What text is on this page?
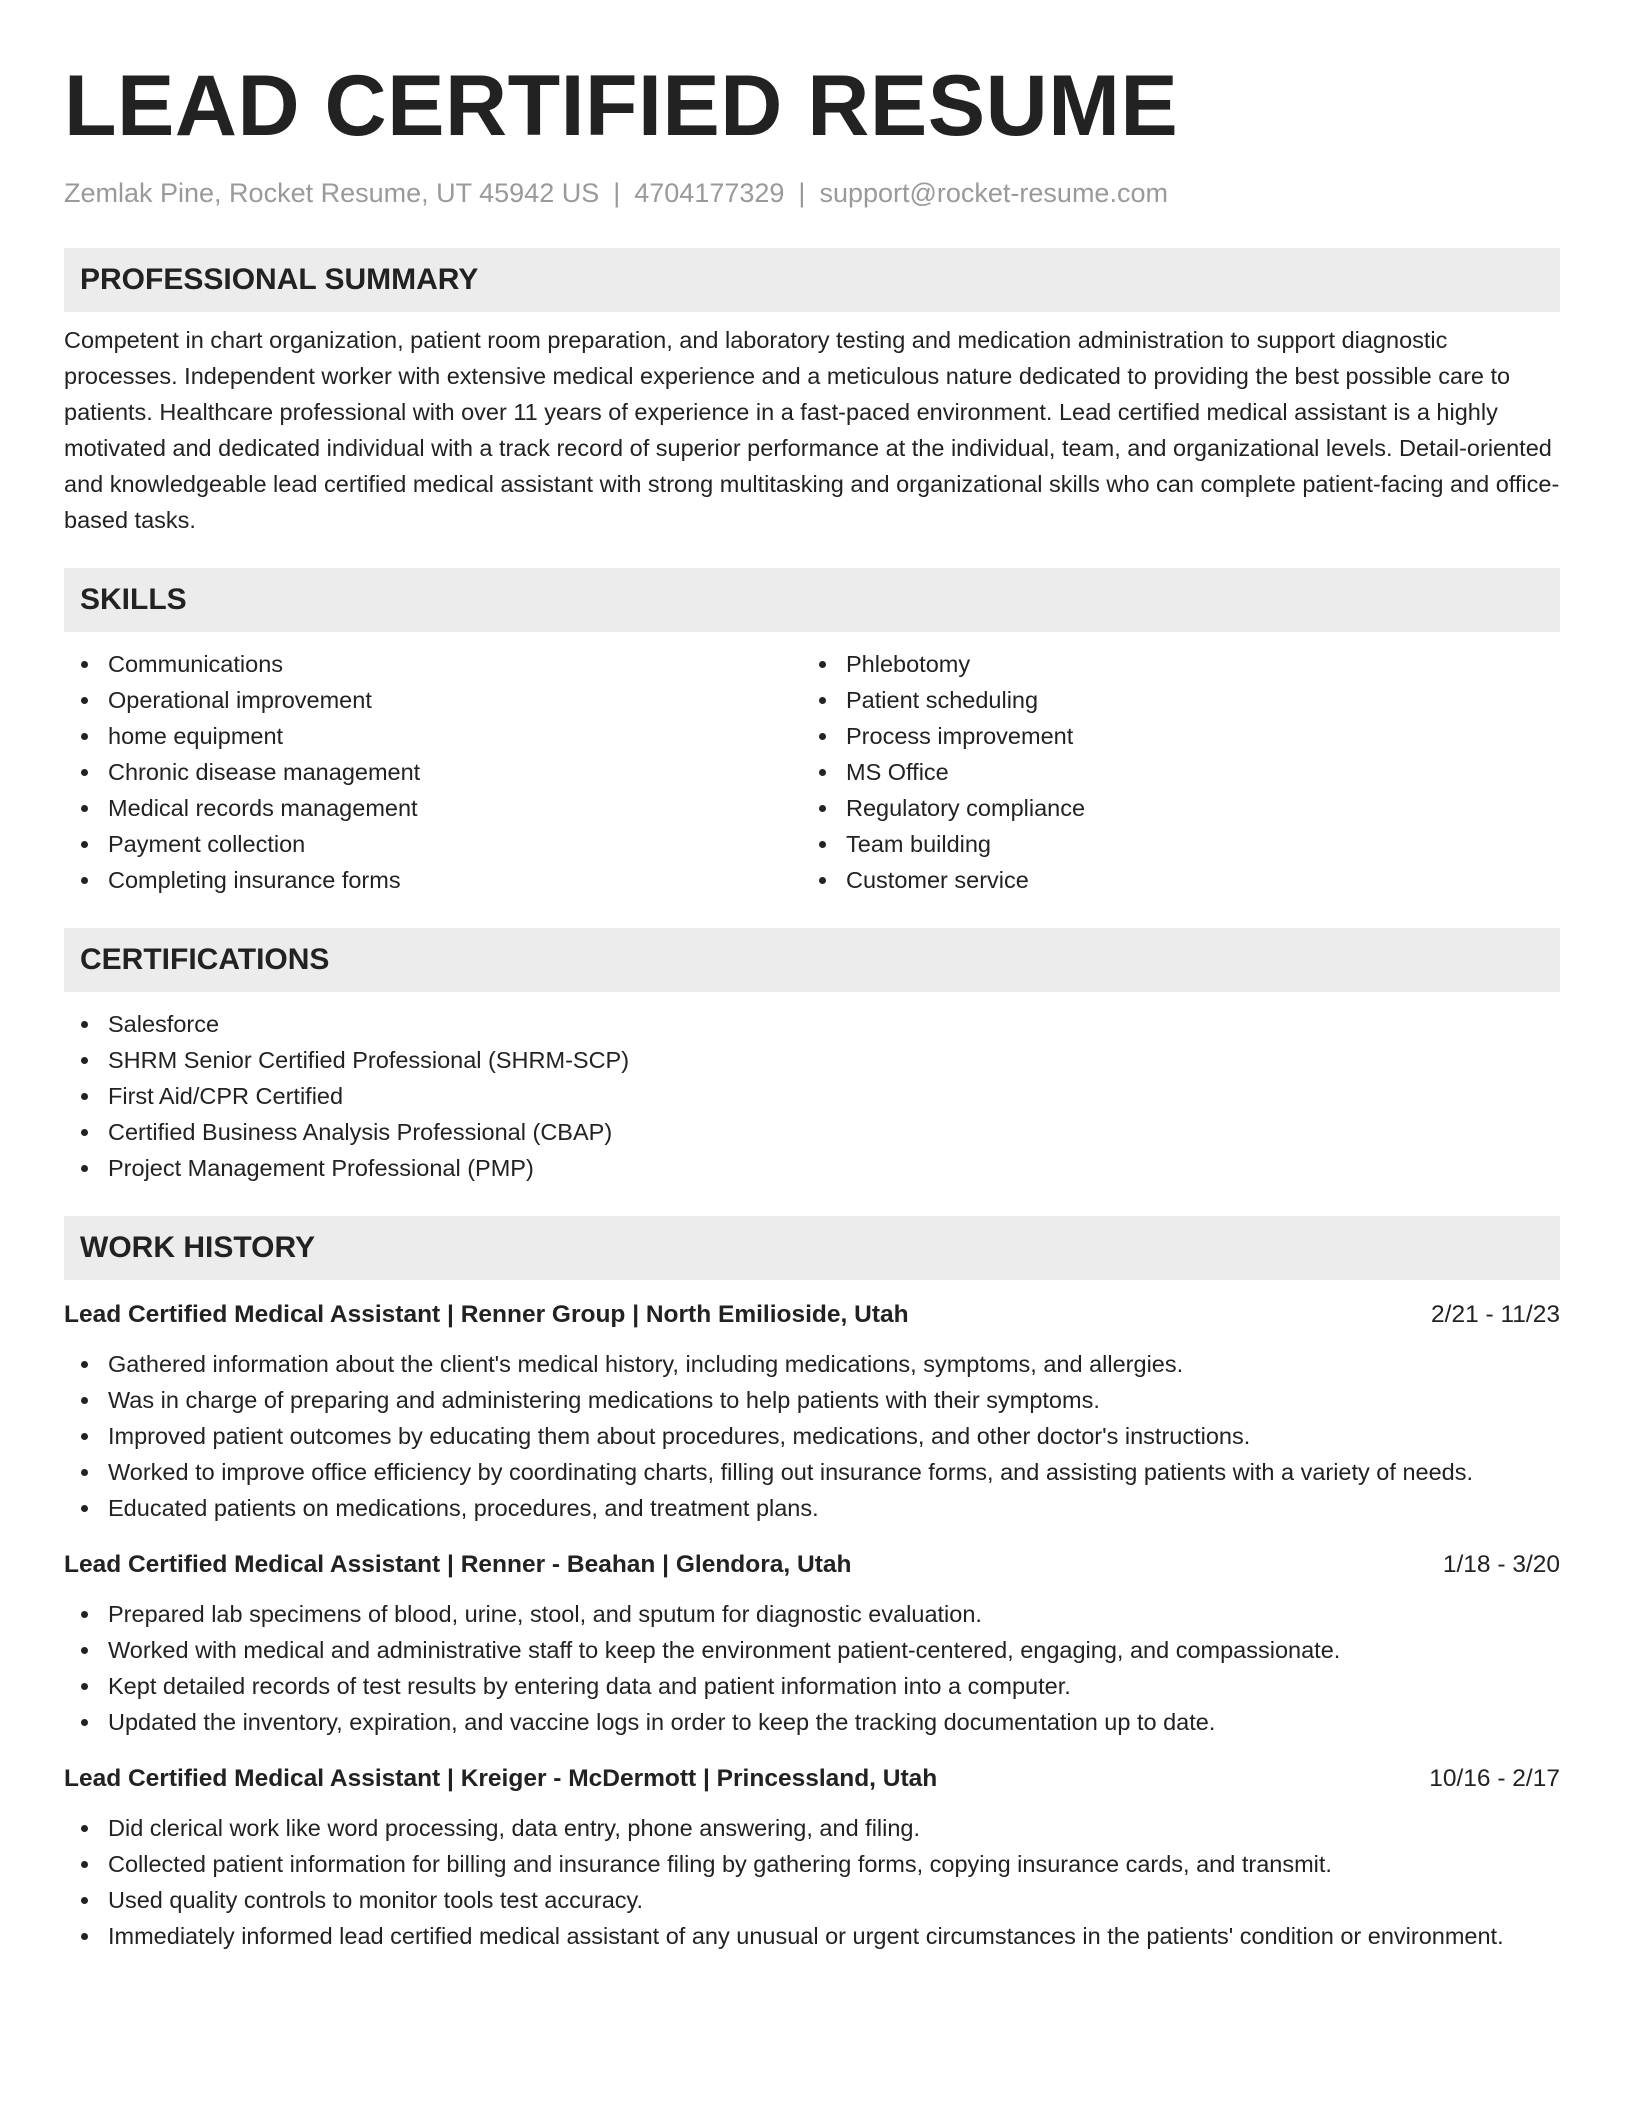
LEAD CERTIFIED RESUME
Zemlak Pine, Rocket Resume, UT 45942 US | 4704177329 | support@rocket-resume.com
PROFESSIONAL SUMMARY

Competent in chart organization, patient room preparation, and laboratory testing and medication administration to support diagnostic processes. Independent worker with extensive medical experience and a meticulous nature dedicated to providing the best possible care to patients. Healthcare professional with over 11 years of experience in a fast-paced environment. Lead certified medical assistant is a highly motivated and dedicated individual with a track record of superior performance at the individual, team, and organizational levels. Detail-oriented and knowledgeable lead certified medical assistant with strong multitasking and organizational skills who can complete patient-facing and office-based tasks.

SKILLS
Communications
Operational improvement
home equipment
Chronic disease management
Medical records management
Payment collection
Completing insurance forms
Phlebotomy
Patient scheduling
Process improvement
MS Office
Regulatory compliance
Team building
Customer service
CERTIFICATIONS
Salesforce
SHRM Senior Certified Professional (SHRM-SCP)
First Aid/CPR Certified
Certified Business Analysis Professional (CBAP)
Project Management Professional (PMP)
WORK HISTORY
Lead Certified Medical Assistant | Renner Group | North Emilioside, Utah	2/21 - 11/23
Gathered information about the client's medical history, including medications, symptoms, and allergies.
Was in charge of preparing and administering medications to help patients with their symptoms.
Improved patient outcomes by educating them about procedures, medications, and other doctor's instructions.
Worked to improve office efficiency by coordinating charts, filling out insurance forms, and assisting patients with a variety of needs.
Educated patients on medications, procedures, and treatment plans.
Lead Certified Medical Assistant | Renner - Beahan | Glendora, Utah	1/18 - 3/20
Prepared lab specimens of blood, urine, stool, and sputum for diagnostic evaluation.
Worked with medical and administrative staff to keep the environment patient-centered, engaging, and compassionate.
Kept detailed records of test results by entering data and patient information into a computer.
Updated the inventory, expiration, and vaccine logs in order to keep the tracking documentation up to date.
Lead Certified Medical Assistant | Kreiger - McDermott | Princessland, Utah	10/16 - 2/17
Did clerical work like word processing, data entry, phone answering, and filing.
Collected patient information for billing and insurance filing by gathering forms, copying insurance cards, and transmit.
Used quality controls to monitor tools test accuracy.
Immediately informed lead certified medical assistant of any unusual or urgent circumstances in the patients' condition or environment.
